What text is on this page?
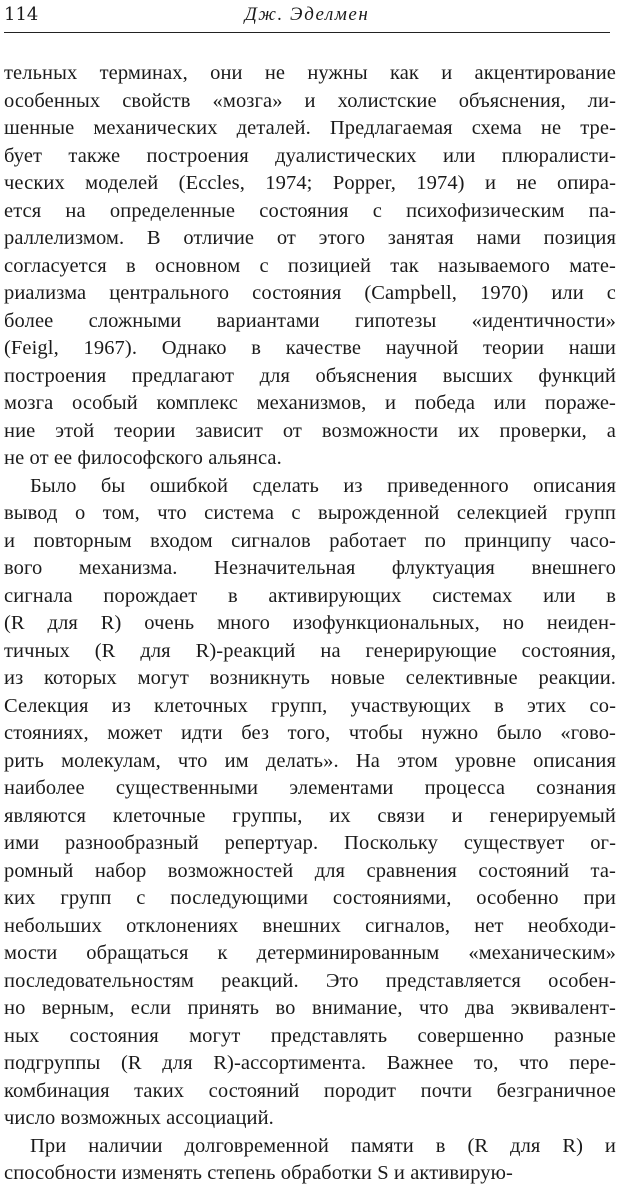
114	Дж. Эделмен
тельных терминах, они не нужны как и акцентирование
особенных свойств «мозга» и холистские объяснения, ли-
шенные механических деталей. Предлагаемая схема не тре-
бует также построения дуалистических или плюралисти-
ческих моделей (Eccles, 1974; Popper, 1974) и не опира-
ется на определенные состояния с психофизическим па-
раллелизмом. В отличие от этого занятая нами позиция
согласуется в основном с позицией так называемого мате-
риализма центрального состояния (Campbell, 1970) или с
более сложными вариантами гипотезы «идентичности»
(Feigl, 1967). Однако в качестве научной теории наши
построения предлагают для объяснения высших функций
мозга особый комплекс механизмов, и победа или пораже-
ние этой теории зависит от возможности их проверки, а
не от ее философского альянса.
Было бы ошибкой сделать из приведенного описания
вывод о том, что система с вырожденной селекцией групп
и повторным входом сигналов работает по принципу часо-
вого механизма. Незначительная флуктуация внешнего
сигнала порождает в активирующих системах или в
(R для R) очень много изофункциональных, но неиден-
тичных (R для R)-реакций на генерирующие состояния,
из которых могут возникнуть новые селективные реакции.
Селекция из клеточных групп, участвующих в этих со-
стояниях, может идти без того, чтобы нужно было «гово-
рить молекулам, что им делать». На этом уровне описания
наиболее существенными элементами процесса сознания
являются клеточные группы, их связи и генерируемый
ими разнообразный репертуар. Поскольку существует ог-
ромный набор возможностей для сравнения состояний та-
ких групп с последующими состояниями, особенно при
небольших отклонениях внешних сигналов, нет необходи-
мости обращаться к детерминированным «механическим»
последовательностям реакций. Это представляется особен-
но верным, если принять во внимание, что два эквивалент-
ных состояния могут представлять совершенно разные
подгруппы (R для R)-ассортимента. Важнее то, что пере-
комбинация таких состояний породит почти безграничное
число возможных ассоциаций.
При наличии долговременной памяти в (R для R) и
способности изменять степень обработки S и активирую-
